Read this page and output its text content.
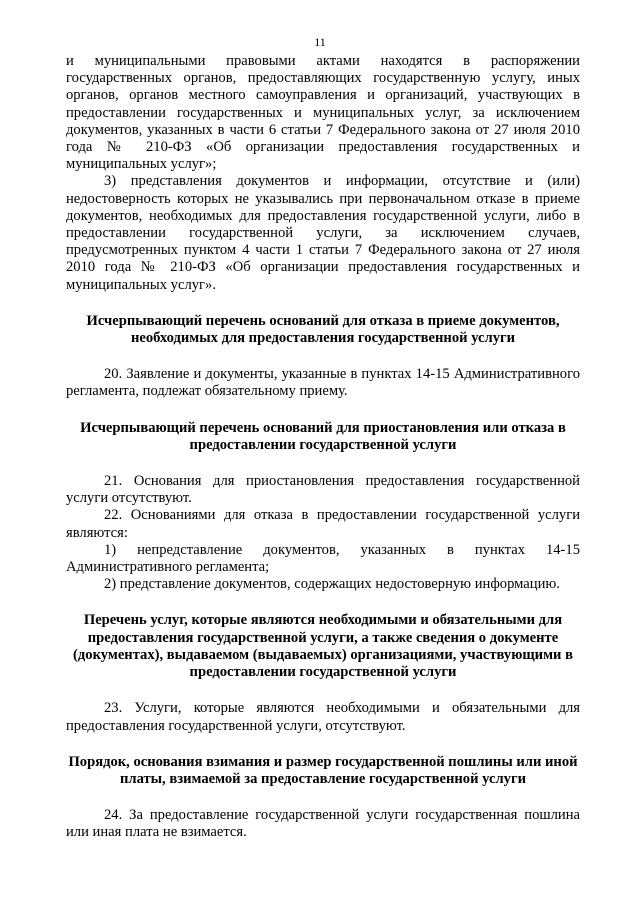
11

и муниципальными правовыми актами находятся в распоряжении государственных органов, предоставляющих государственную услугу, иных органов, органов местного самоуправления и организаций, участвующих в предоставлении государственных и муниципальных услуг, за исключением документов, указанных в части 6 статьи 7 Федерального закона от 27 июля 2010 года № 210-ФЗ «Об организации предоставления государственных и муниципальных услуг»;

3) представления документов и информации, отсутствие и (или) недостоверность которых не указывались при первоначальном отказе в приеме документов, необходимых для предоставления государственной услуги, либо в предоставлении государственной услуги, за исключением случаев, предусмотренных пунктом 4 части 1 статьи 7 Федерального закона от 27 июля 2010 года № 210-ФЗ «Об организации предоставления государственных и муниципальных услуг».

Исчерпывающий перечень оснований для отказа в приеме документов, необходимых для предоставления государственной услуги

20. Заявление и документы, указанные в пунктах 14-15 Административного регламента, подлежат обязательному приему.

Исчерпывающий перечень оснований для приостановления или отказа в предоставлении государственной услуги

21. Основания для приостановления предоставления государственной услуги отсутствуют.

22. Основаниями для отказа в предоставлении государственной услуги являются:

1) непредставление документов, указанных в пунктах 14-15 Административного регламента;

2) представление документов, содержащих недостоверную информацию.

Перечень услуг, которые являются необходимыми и обязательными для предоставления государственной услуги, а также сведения о документе (документах), выдаваемом (выдаваемых) организациями, участвующими в предоставлении государственной услуги

23. Услуги, которые являются необходимыми и обязательными для предоставления государственной услуги, отсутствуют.

Порядок, основания взимания и размер государственной пошлины или иной платы, взимаемой за предоставление государственной услуги

24. За предоставление государственной услуги государственная пошлина или иная плата не взимается.
